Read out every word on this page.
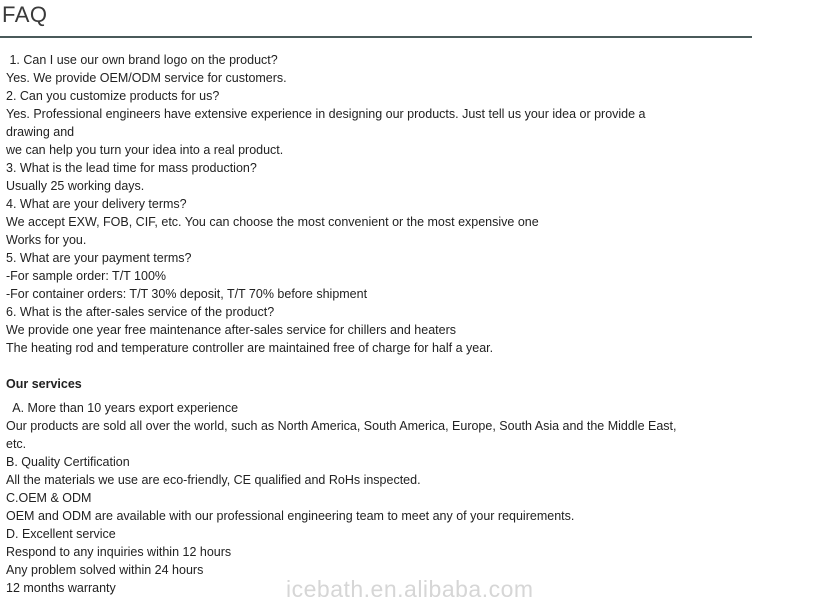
FAQ
1. Can I use our own brand logo on the product?
Yes. We provide OEM/ODM service for customers.
2. Can you customize products for us?
Yes. Professional engineers have extensive experience in designing our products. Just tell us your idea or provide a
drawing and
we can help you turn your idea into a real product.
3. What is the lead time for mass production?
Usually 25 working days.
4. What are your delivery terms?
We accept EXW, FOB, CIF, etc. You can choose the most convenient or the most expensive one
Works for you.
5. What are your payment terms?
-For sample order: T/T 100%
-For container orders: T/T 30% deposit, T/T 70% before shipment
6. What is the after-sales service of the product?
We provide one year free maintenance after-sales service for chillers and heaters
The heating rod and temperature controller are maintained free of charge for half a year.
Our services
A. More than 10 years export experience
Our products are sold all over the world, such as North America, South America, Europe, South Asia and the Middle East,
etc.
B. Quality Certification
All the materials we use are eco-friendly, CE qualified and RoHs inspected.
C.OEM & ODM
OEM and ODM are available with our professional engineering team to meet any of your requirements.
D. Excellent service
Respond to any inquiries within 12 hours
Any problem solved within 24 hours
12 months warranty	icebath.en.alibaba.com
